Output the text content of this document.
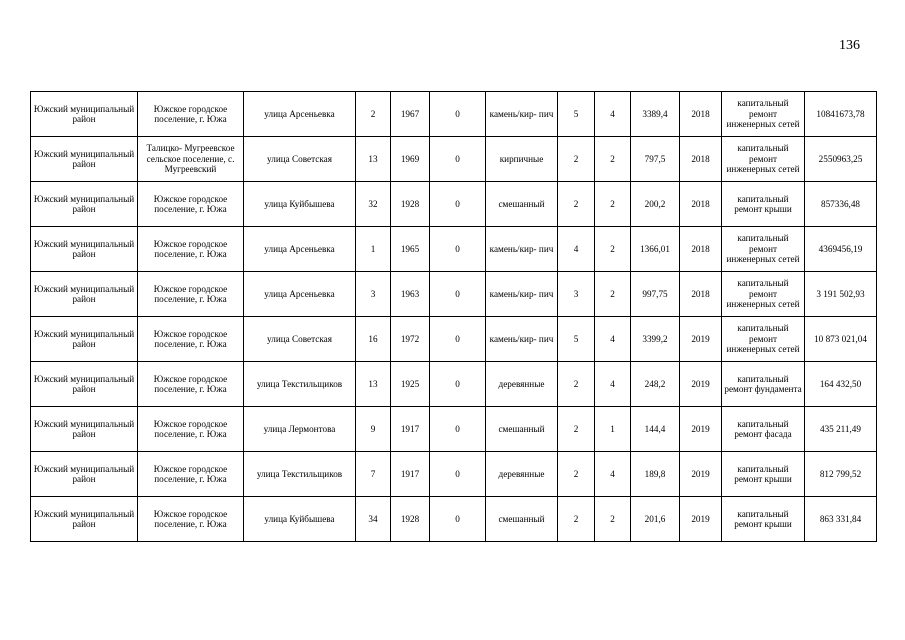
136
Южский муниципальный район	Южское городское поселение, г. Южа	улица Арсеньевка	2	1967	0	камень/кир- пич	5	4	3389,4	2018	капитальный ремонт инженерных сетей	10841673,78
Южский муниципальный район	Талицко- Мугреевское сельское поселение, с. Мугреевский	улица Советская	13	1969	0	кирпичные	2	2	797,5	2018	капитальный ремонт инженерных сетей	2550963,25
Южский муниципальный район	Южское городское поселение, г. Южа	улица Куйбышева	32	1928	0	смешанный	2	2	200,2	2018	капитальный ремонт крыши	857336,48
Южский муниципальный район	Южское городское поселение, г. Южа	улица Арсеньевка	1	1965	0	камень/кир- пич	4	2	1366,01	2018	капитальный ремонт инженерных сетей	4369456,19
Южский муниципальный район	Южское городское поселение, г. Южа	улица Арсеньевка	3	1963	0	камень/кир- пич	3	2	997,75	2018	капитальный ремонт инженерных сетей	3 191 502,93
Южский муниципальный район	Южское городское поселение, г. Южа	улица Советская	16	1972	0	камень/кир- пич	5	4	3399,2	2019	капитальный ремонт инженерных сетей	10 873 021,04
Южский муниципальный район	Южское городское поселение, г. Южа	улица Текстильщиков	13	1925	0	деревянные	2	4	248,2	2019	капитальный ремонт фундамента	164 432,50
Южский муниципальный район	Южское городское поселение, г. Южа	улица Лермонтова	9	1917	0	смешанный	2	1	144,4	2019	капитальный ремонт фасада	435 211,49
Южский муниципальный район	Южское городское поселение, г. Южа	улица Текстильщиков	7	1917	0	деревянные	2	4	189,8	2019	капитальный ремонт крыши	812 799,52
Южский муниципальный район	Южское городское поселение, г. Южа	улица Куйбышева	34	1928	0	смешанный	2	2	201,6	2019	капитальный ремонт крыши	863 331,84
